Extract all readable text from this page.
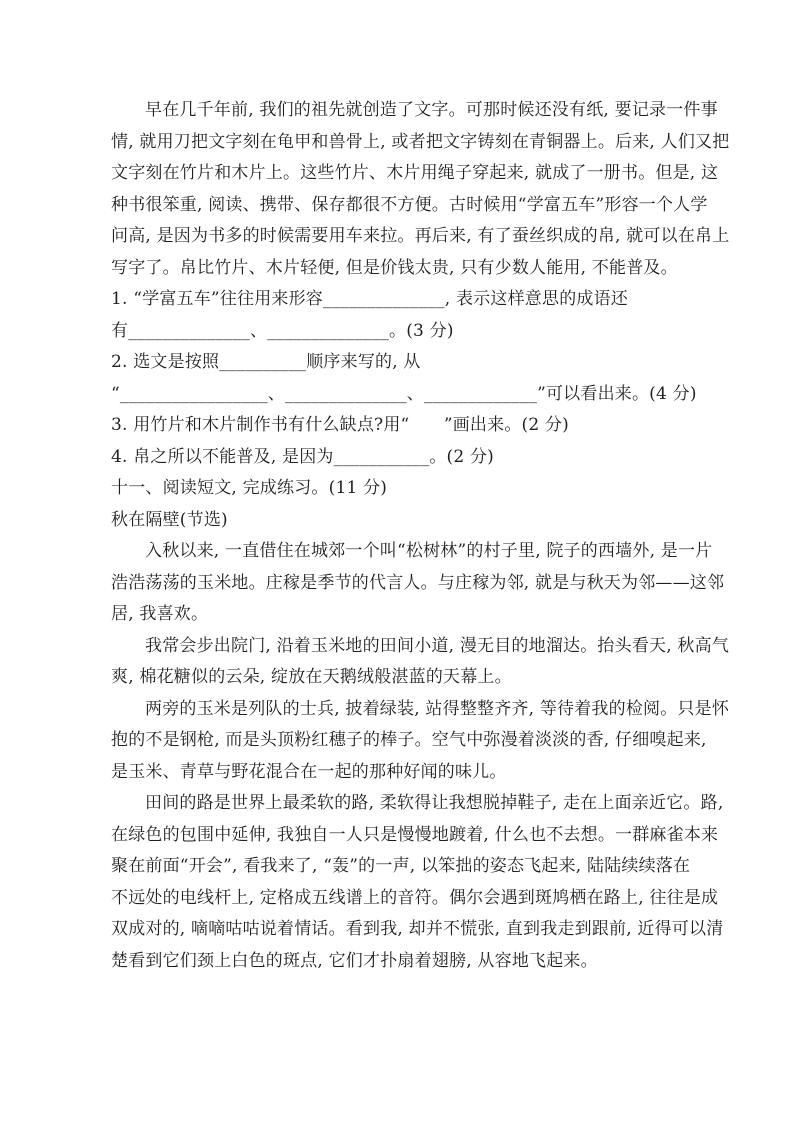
早在几千年前, 我们的祖先就创造了文字。可那时候还没有纸, 要记录一件事
情, 就用刀把文字刻在龟甲和兽骨上, 或者把文字铸刻在青铜器上。后来, 人们又把
文字刻在竹片和木片上。这些竹片、木片用绳子穿起来, 就成了一册书。但是, 这
种书很笨重, 阅读、携带、保存都很不方便。古时候用“学富五车”形容一个人学
问高, 是因为书多的时候需要用车来拉。再后来, 有了蚕丝织成的帛, 就可以在帛上
写字了。帛比竹片、木片轻便, 但是价钱太贵, 只有少数人能用, 不能普及。
1. “学富五车”往往用来形容______________, 表示这样意思的成语还
有______________、______________。(3 分)
2. 选文是按照__________顺序来写的, 从
“_________________、______________、_____________”可以看出来。(4 分)
3. 用竹片和木片制作书有什么缺点?用“　　”画出来。(2 分)
4. 帛之所以不能普及, 是因为___________。(2 分)
十一、阅读短文, 完成练习。(11 分)
秋在隔壁(节选)
入秋以来, 一直借住在城郊一个叫“松树林”的村子里, 院子的西墙外, 是一片
浩浩荡荡的玉米地。庄稼是季节的代言人。与庄稼为邻, 就是与秋天为邻——这邻
居, 我喜欢。
我常会步出院门, 沿着玉米地的田间小道, 漫无目的地溜达。抬头看天, 秋高气
爽, 棉花糖似的云朵, 绽放在天鹅绒般湛蓝的天幕上。
两旁的玉米是列队的士兵, 披着绿装, 站得整整齐齐, 等待着我的检阅。只是怀
抱的不是钢枪, 而是头顶粉红穗子的棒子。空气中弥漫着淡淡的香, 仔细嗅起来,
是玉米、青草与野花混合在一起的那种好闻的味儿。
田间的路是世界上最柔软的路, 柔软得让我想脱掉鞋子, 走在上面亲近它。路,
在绿色的包围中延伸, 我独自一人只是慢慢地踱着, 什么也不去想。一群麻雀本来
聚在前面“开会”, 看我来了, “轰”的一声, 以笨拙的姿态飞起来, 陆陆续续落在
不远处的电线杆上, 定格成五线谱上的音符。偶尔会遇到斑鸠栖在路上, 往往是成
双成对的, 嘀嘀咕咕说着情话。看到我, 却并不慌张, 直到我走到跟前, 近得可以清
楚看到它们颈上白色的斑点, 它们才扑扇着翅膀, 从容地飞起来。
